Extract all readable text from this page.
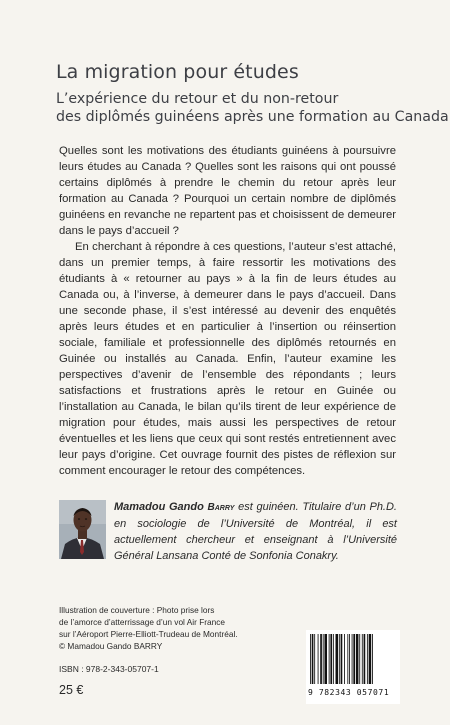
La migration pour études
L’expérience du retour et du non-retour
des diplômés guinéens après une formation au Canada

Quelles sont les motivations des étudiants guinéens à poursuivre leurs études au Canada ? Quelles sont les raisons qui ont poussé certains diplômés à prendre le chemin du retour après leur formation au Canada ? Pourquoi un certain nombre de diplômés guinéens en revanche ne repartent pas et choisissent de demeurer dans le pays d’accueil ?

En cherchant à répondre à ces questions, l’auteur s’est attaché, dans un premier temps, à faire ressortir les motivations des étudiants à « retourner au pays » à la fin de leurs études au Canada ou, à l’inverse, à demeurer dans le pays d’accueil. Dans une seconde phase, il s’est intéressé au devenir des enquêtés après leurs études et en particulier à l’insertion ou réinsertion sociale, familiale et professionnelle des diplômés retournés en Guinée ou installés au Canada. Enfin, l’auteur examine les perspectives d’avenir de l’ensemble des répondants ; leurs satisfactions et frustrations après le retour en Guinée ou l’installation au Canada, le bilan qu’ils tirent de leur expérience de migration pour études, mais aussi les perspectives de retour éventuelles et les liens que ceux qui sont restés entretiennent avec leur pays d’origine. Cet ouvrage fournit des pistes de réflexion sur comment encourager le retour des compétences.

Mamadou Gando Barry est guinéen. Titulaire d’un Ph.D. en sociologie de l’Université de Montréal, il est actuellement chercheur et enseignant à l’Université Général Lansana Conté de Sonfonia Conakry.
Illustration de couverture : Photo prise lors
de l’amorce d’atterrissage d’un vol Air France
sur l’Aéroport Pierre-Elliott-Trudeau de Montréal.
© Mamadou Gando BARRY
ISBN : 978-2-343-05707-1
25 €	9 782343 057071
